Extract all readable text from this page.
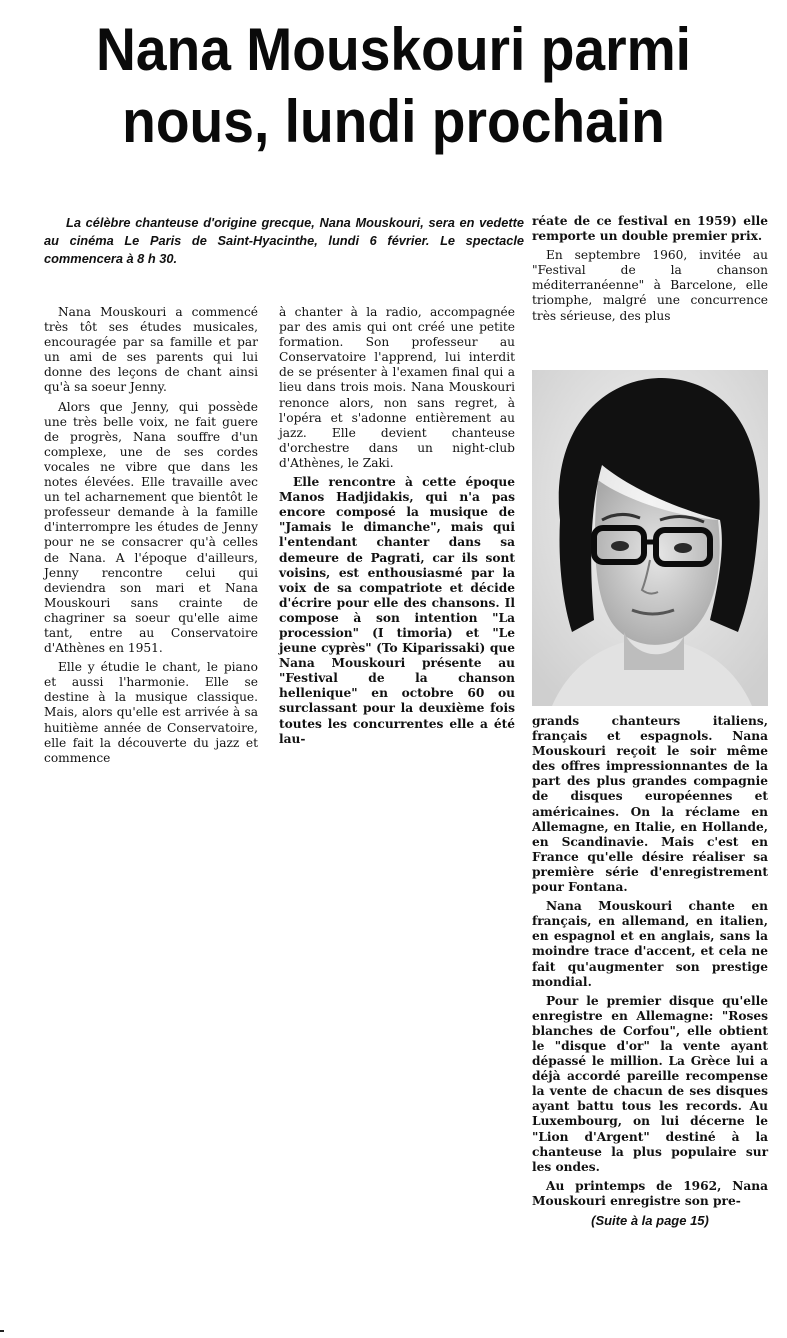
Nana Mouskouri parmi
nous, lundi prochain
La célèbre chanteuse d'origine grecque, Nana Mouskouri, sera en vedette au cinéma Le Paris de Saint-Hyacinthe, lundi 6 février. Le spectacle commencera à 8 h 30.

Nana Mouskouri a commencé très tôt ses études musicales, encouragée par sa famille et par un ami de ses parents qui lui donne des leçons de chant ainsi qu'à sa soeur Jenny.

Alors que Jenny, qui possède une très belle voix, ne fait guere de progrès, Nana souffre d'un complexe, une de ses cordes vocales ne vibre que dans les notes élevées. Elle travaille avec un tel acharnement que bientôt le professeur demande à la famille d'interrompre les études de Jenny pour ne se consacrer qu'à celles de Nana. A l'époque d'ailleurs, Jenny rencontre celui qui deviendra son mari et Nana Mouskouri sans crainte de chagriner sa soeur qu'elle aime tant, entre au Conservatoire d'Athènes en 1951.

Elle y étudie le chant, le piano et aussi l'harmonie. Elle se destine à la musique classique. Mais, alors qu'elle est arrivée à sa huitième année de Conservatoire, elle fait la découverte du jazz et commence

à chanter à la radio, accompagnée par des amis qui ont créé une petite formation. Son professeur au Conservatoire l'apprend, lui interdit de se présenter à l'examen final qui a lieu dans trois mois. Nana Mouskouri renonce alors, non sans regret, à l'opéra et s'adonne entièrement au jazz. Elle devient chanteuse d'orchestre dans un night-club d'Athènes, le Zaki.

Elle rencontre à cette époque Manos Hadjidakis, qui n'a pas encore composé la musique de "Jamais le dimanche", mais qui l'entendant chanter dans sa demeure de Pagrati, car ils sont voisins, est enthousiasmé par la voix de sa compatriote et décide d'écrire pour elle des chansons. Il compose à son intention "La procession" (I timoria) et "Le jeune cyprès" (To Kiparissaki) que Nana Mouskouri présente au "Festival de la chanson hellenique" en octobre 60 ou surclassant pour la deuxième fois toutes les concurrentes elle a été lau-

réate de ce festival en 1959) elle remporte un double premier prix.

En septembre 1960, invitée au "Festival de la chanson méditerranéenne" à Barcelone, elle triomphe, malgré une concurrence très sérieuse, des plus

grands chanteurs italiens, français et espagnols. Nana Mouskouri reçoit le soir même des offres impressionnantes de la part des plus grandes compagnie de disques européennes et américaines. On la réclame en Allemagne, en Italie, en Hollande, en Scandinavie. Mais c'est en France qu'elle désire réaliser sa première série d'enregistrement pour Fontana.

Nana Mouskouri chante en français, en allemand, en italien, en espagnol et en anglais, sans la moindre trace d'accent, et cela ne fait qu'augmenter son prestige mondial.

Pour le premier disque qu'elle enregistre en Allemagne: "Roses blanches de Corfou", elle obtient le "disque d'or" la vente ayant dépassé le million. La Grèce lui a déjà accordé pareille recompense la vente de chacun de ses disques ayant battu tous les records. Au Luxembourg, on lui décerne le "Lion d'Argent" destiné à la chanteuse la plus populaire sur les ondes.

Au printemps de 1962, Nana Mouskouri enregistre son pre-

(Suite à la page 15)
